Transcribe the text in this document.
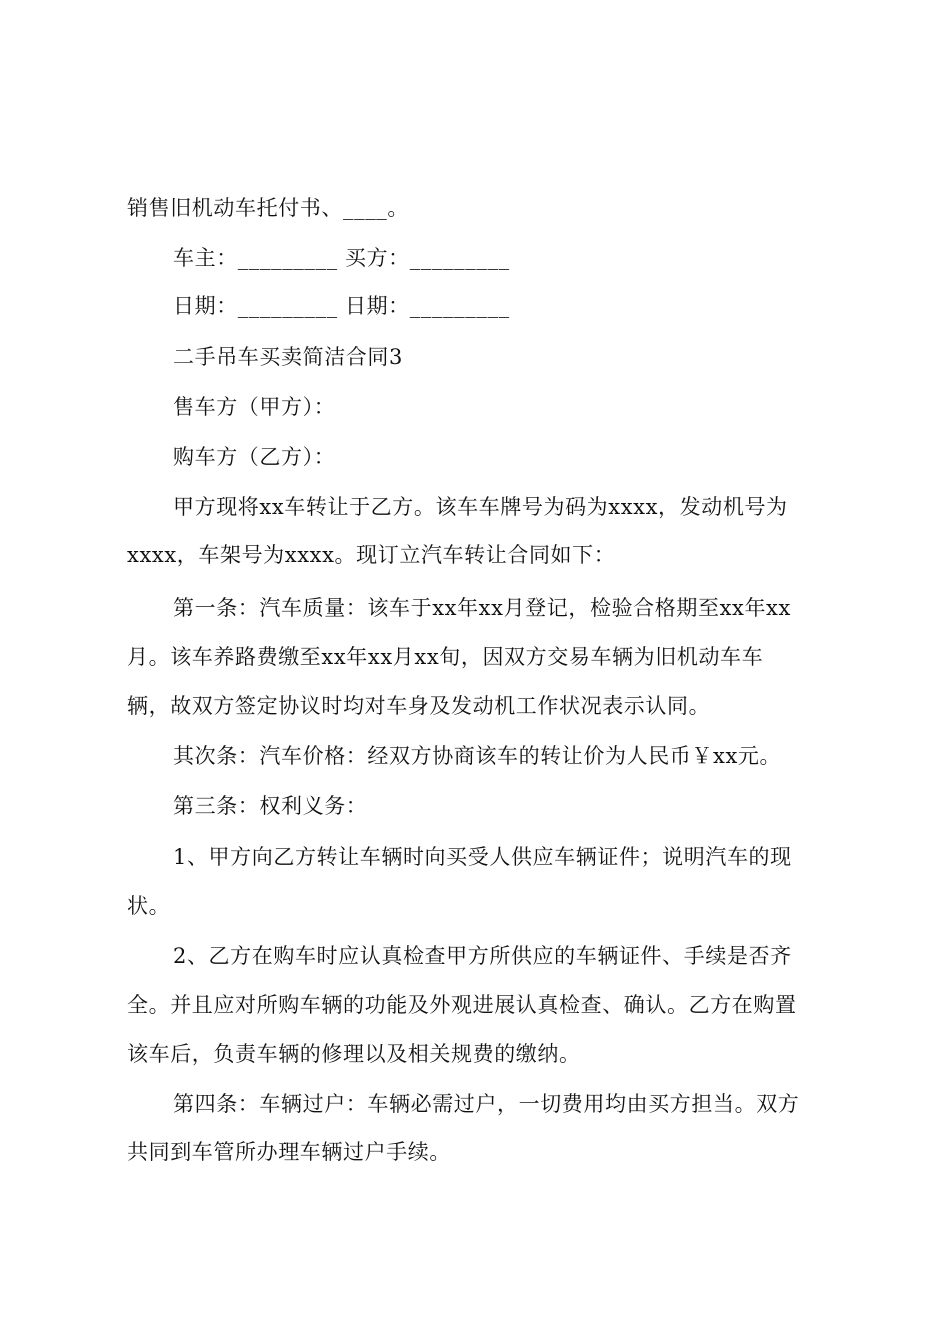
销售旧机动车托付书、____。
车主：_________ 买方：_________
日期：_________ 日期：_________
二手吊车买卖简洁合同3
售车方（甲方）：
购车方（乙方）：
甲方现将xx车转让于乙方。该车车牌号为码为xxxx，发动机号为
xxxx，车架号为xxxx。现订立汽车转让合同如下：
第一条：汽车质量：该车于xx年xx月登记，检验合格期至xx年xx
月。该车养路费缴至xx年xx月xx旬，因双方交易车辆为旧机动车车
辆，故双方签定协议时均对车身及发动机工作状况表示认同。
其次条：汽车价格：经双方协商该车的转让价为人民币￥xx元。
第三条：权利义务：
1、甲方向乙方转让车辆时向买受人供应车辆证件；说明汽车的现
状。
2、乙方在购车时应认真检查甲方所供应的车辆证件、手续是否齐
全。并且应对所购车辆的功能及外观进展认真检查、确认。乙方在购置
该车后，负责车辆的修理以及相关规费的缴纳。
第四条：车辆过户：车辆必需过户，一切费用均由买方担当。双方
共同到车管所办理车辆过户手续。
